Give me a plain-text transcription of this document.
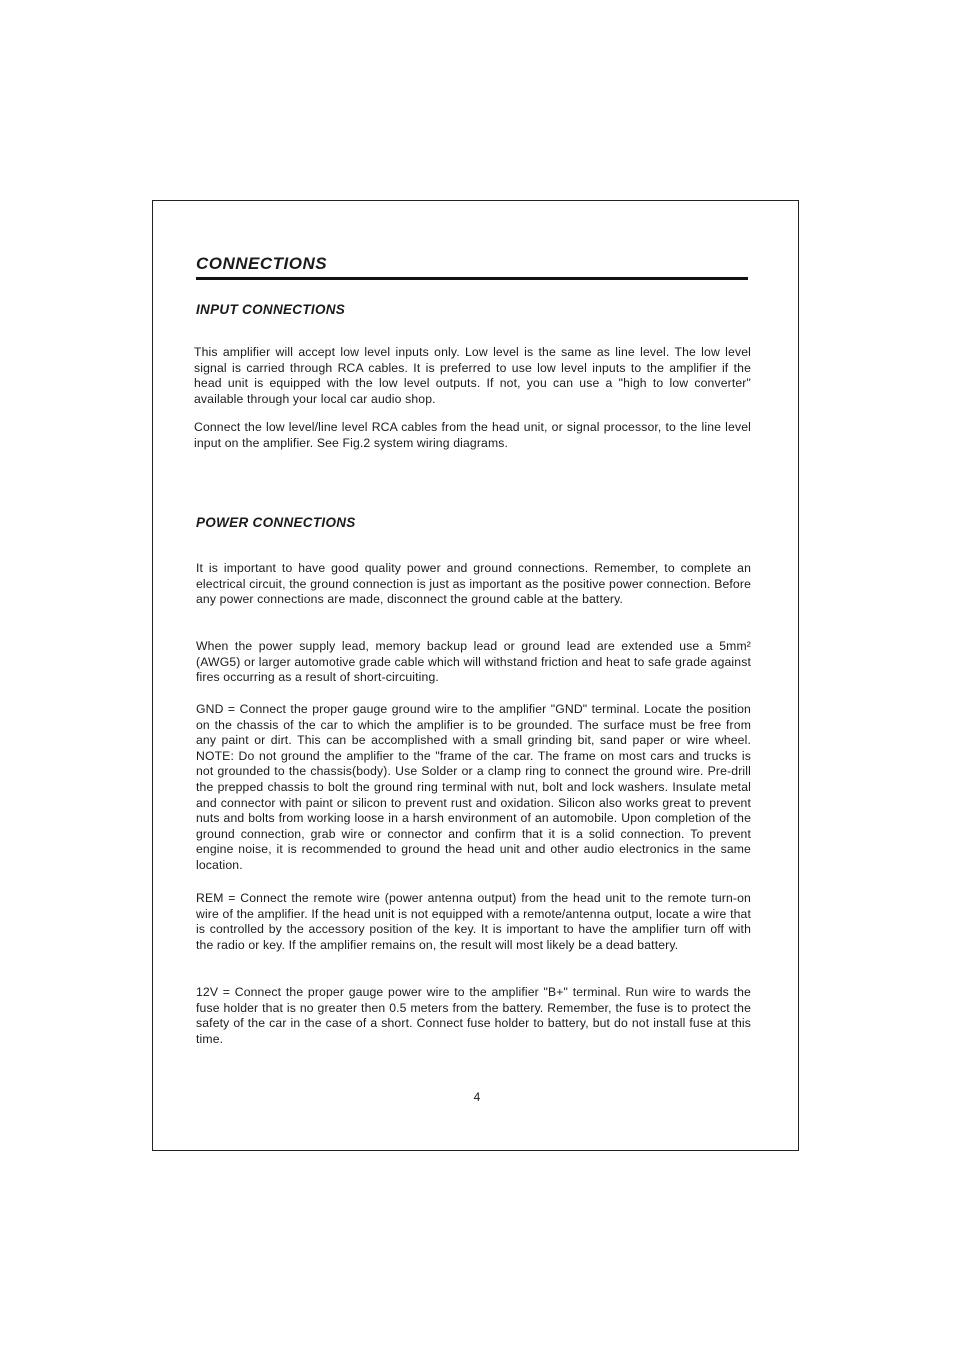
CONNECTIONS
INPUT CONNECTIONS

This amplifier will accept low level inputs only. Low level is the same as line level. The low level signal is carried through RCA cables. It is preferred to use low level inputs to the amplifier if the head unit is equipped with the low level outputs. If not, you can use a "high to low converter" available through your local car audio shop.

Connect the low level/line level RCA cables from the head unit, or signal processor, to the line level input on the amplifier. See Fig.2 system wiring diagrams.

POWER CONNECTIONS

It is important to have good quality power and ground connections. Remember, to complete an electrical circuit, the ground connection is just as important as the positive power connection. Before any power connections are made, disconnect the ground cable at the battery.

When the power supply lead, memory backup lead or ground lead are extended use a 5mm² (AWG5) or larger automotive grade cable which will withstand friction and heat to safe grade against fires occurring as a result of short-circuiting.

GND = Connect the proper gauge ground wire to the amplifier "GND" terminal. Locate the position on the chassis of the car to which the amplifier is to be grounded. The surface must be free from any paint or dirt. This can be accomplished with a small grinding bit, sand paper or wire wheel. NOTE: Do not ground the amplifier to the "frame of the car. The frame on most cars and trucks is not grounded to the chassis(body). Use Solder or a clamp ring to connect the ground wire. Pre-drill the prepped chassis to bolt the ground ring terminal with nut, bolt and lock washers. Insulate metal and connector with paint or silicon to prevent rust and oxidation. Silicon also works great to prevent nuts and bolts from working loose in a harsh environment of an automobile. Upon completion of the ground connection, grab wire or connector and confirm that it is a solid connection. To prevent engine noise, it is recommended to ground the head unit and other audio electronics in the same location.

REM = Connect the remote wire (power antenna output) from the head unit to the remote turn-on wire of the amplifier. If the head unit is not equipped with a remote/antenna output, locate a wire that is controlled by the accessory position of the key. It is important to have the amplifier turn off with the radio or key. If the amplifier remains on, the result will most likely be a dead battery.

12V = Connect the proper gauge power wire to the amplifier "B+" terminal. Run wire to wards the fuse holder that is no greater then 0.5 meters from the battery. Remember, the fuse is to protect the safety of the car in the case of a short. Connect fuse holder to battery, but do not install fuse at this time.

4
